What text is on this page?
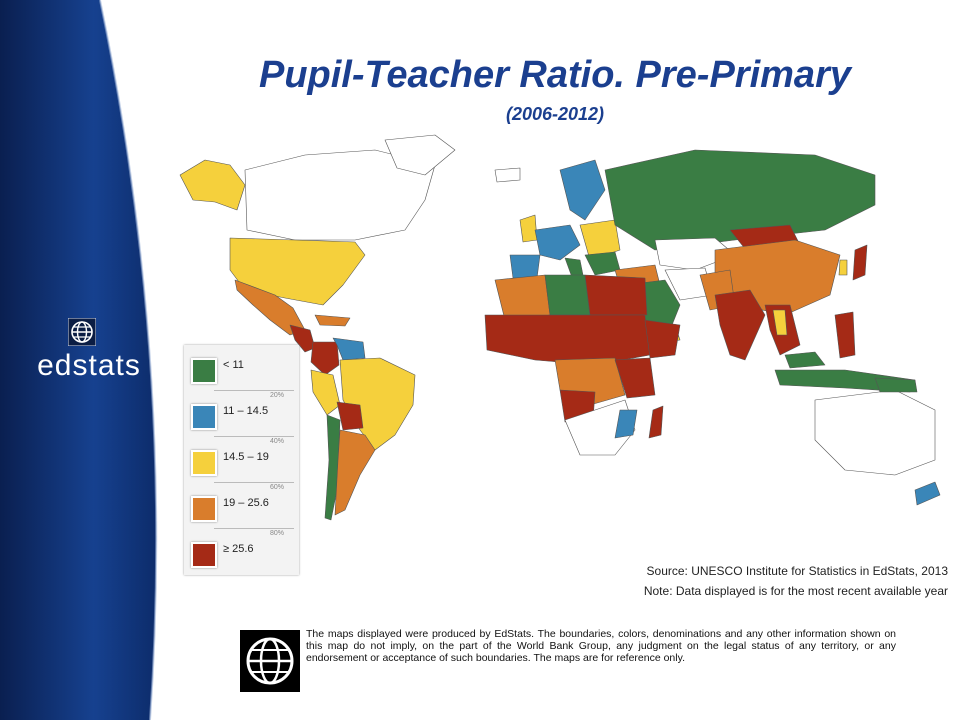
edstats
Pupil-Teacher Ratio. Pre-Primary
(2006-2012)
< 11
20%
11 – 14.5
40%
14.5 – 19
60%
19 – 25.6
80%
≥ 25.6
Source: UNESCO Institute for Statistics in EdStats, 2013
Note: Data displayed is for the most recent available year
The maps displayed were produced by EdStats. The boundaries, colors, denominations and any other information shown on this map do not imply, on the part of the World Bank Group, any judgment on the legal status of any territory, or any endorsement or acceptance of such boundaries. The maps are for reference only.
